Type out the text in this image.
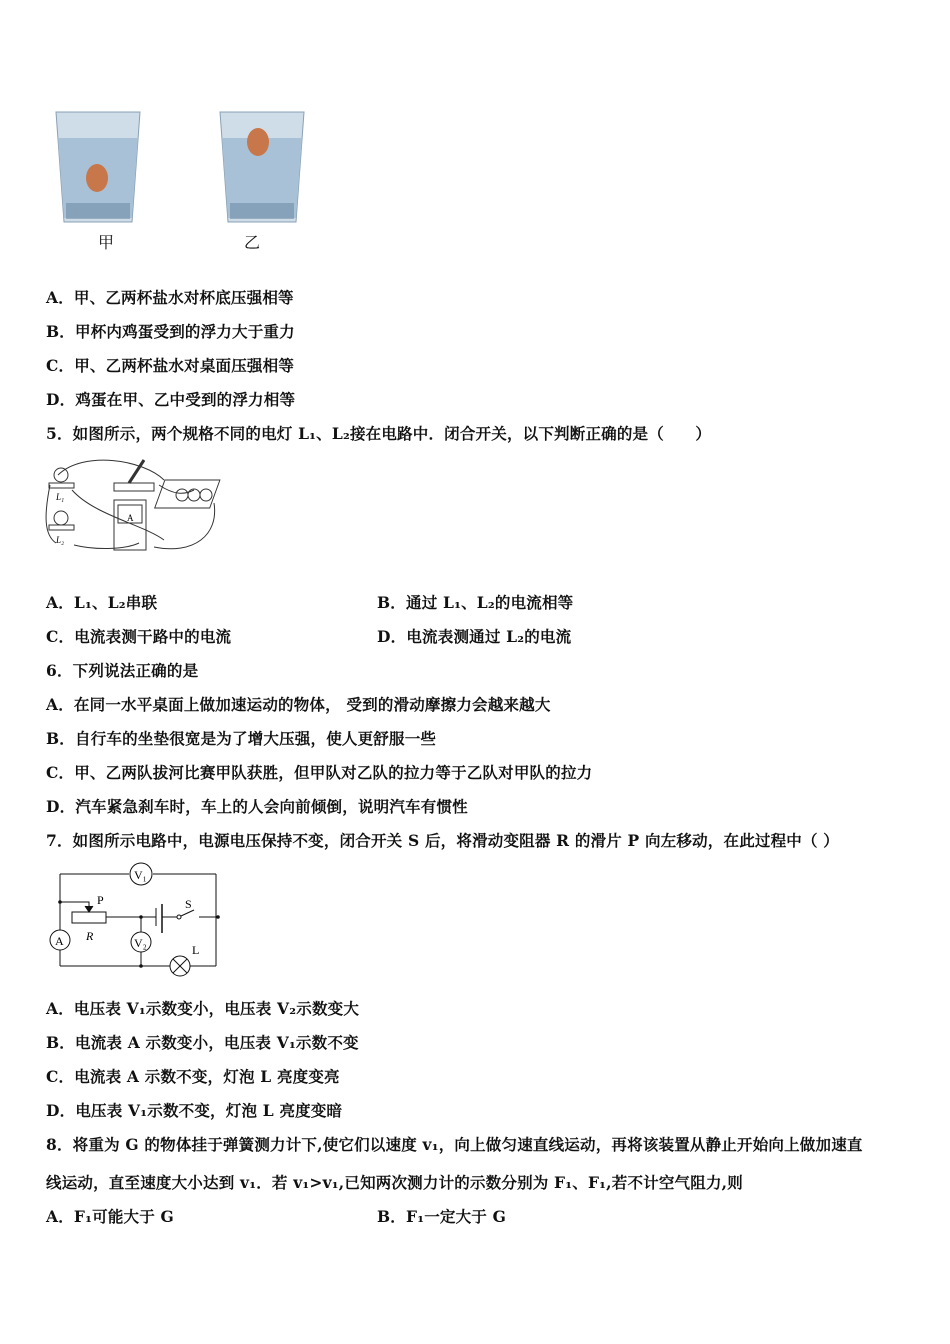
甲	乙
A．甲、乙两杯盐水对杯底压强相等
B．甲杯内鸡蛋受到的浮力大于重力
C．甲、乙两杯盐水对桌面压强相等
D．鸡蛋在甲、乙中受到的浮力相等
5．如图所示，两个规格不同的电灯 L₁、L₂接在电路中．闭合开关，以下判断正确的是（　　）
L₁
L₂
A
A．L₁、L₂串联	B．通过 L₁、L₂的电流相等
C．电流表测干路中的电流	D．电流表测通过 L₂的电流
6．下列说法正确的是
A．在同一水平桌面上做加速运动的物体， 受到的滑动摩擦力会越来越大
B．自行车的坐垫很宽是为了增大压强，使人更舒服一些
C．甲、乙两队拔河比赛甲队获胜，但甲队对乙队的拉力等于乙队对甲队的拉力
D．汽车紧急刹车时，车上的人会向前倾倒，说明汽车有惯性
7．如图所示电路中，电源电压保持不变，闭合开关 S 后，将滑动变阻器 R 的滑片 P 向左移动，在此过程中（ ）
V₁
A	V₂
P
R
S
L
A．电压表 V₁示数变小，电压表 V₂示数变大
B．电流表 A 示数变小，电压表 V₁示数不变
C．电流表 A 示数不变，灯泡 L 亮度变亮
D．电压表 V₁示数不变，灯泡 L 亮度变暗
8．将重为 G 的物体挂于弹簧测力计下,使它们以速度 v₁，向上做匀速直线运动，再将该装置从静止开始向上做加速直
线运动，直至速度大小达到 v₁．若 v₁>v₁,已知两次测力计的示数分别为 F₁、F₁,若不计空气阻力,则
A．F₁可能大于 G	B．F₁一定大于 G
